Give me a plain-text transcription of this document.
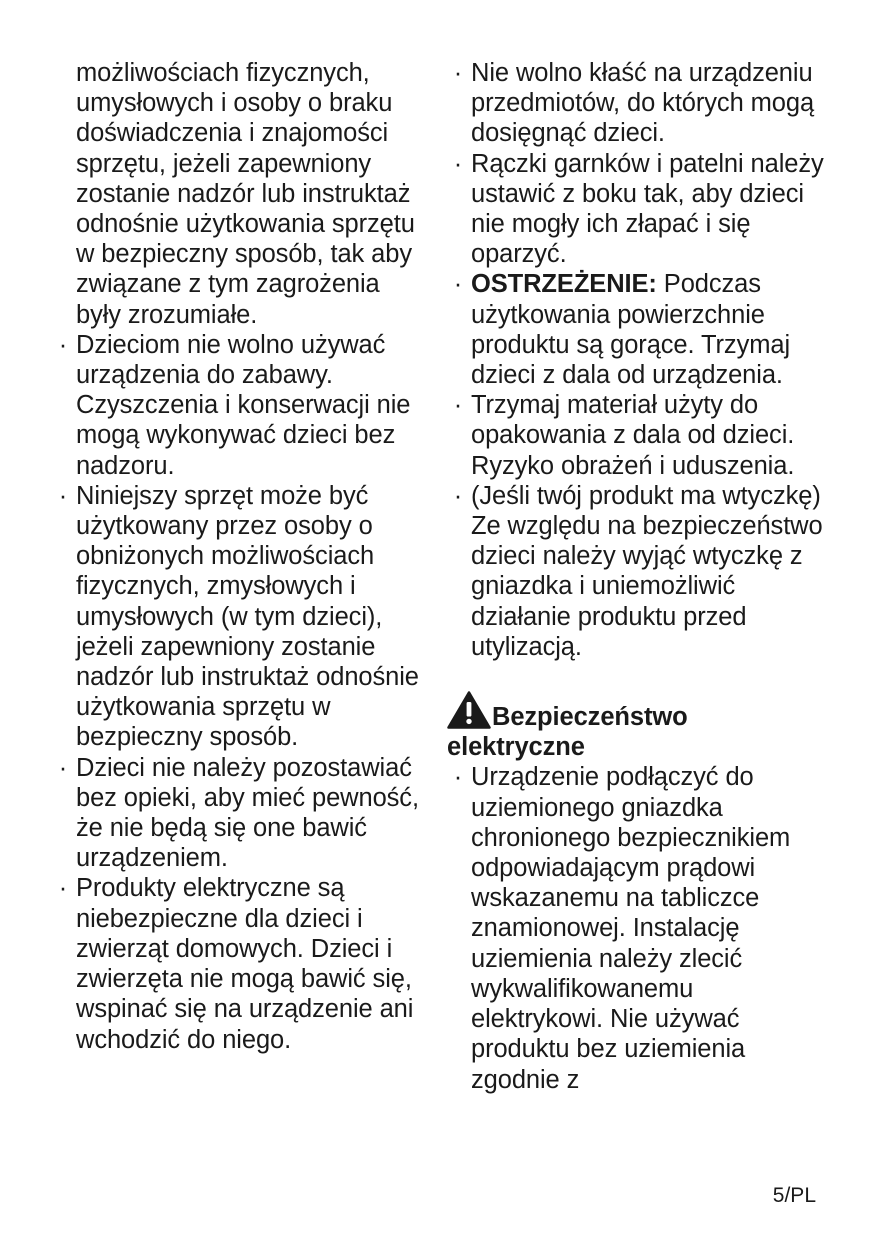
możliwościach fizycznych, umysłowych i osoby o braku doświadczenia i znajomości sprzętu, jeżeli zapewniony zostanie nadzór lub instruktaż odnośnie użytkowania sprzętu w bezpieczny sposób, tak aby związane z tym zagrożenia były zrozumiałe.

· Dzieciom nie wolno używać urządzenia do zabawy. Czyszczenia i konserwacji nie mogą wykonywać dzieci bez nadzoru.
· Niniejszy sprzęt może być użytkowany przez osoby o obniżonych możliwościach fizycznych, zmysłowych i umysłowych (w tym dzieci), jeżeli zapewniony zostanie nadzór lub instruktaż odnośnie użytkowania sprzętu w bezpieczny sposób.
· Dzieci nie należy pozostawiać bez opieki, aby mieć pewność, że nie będą się one bawić urządzeniem.
· Produkty elektryczne są niebezpieczne dla dzieci i zwierząt domowych. Dzieci i zwierzęta nie mogą bawić się, wspinać się na urządzenie ani wchodzić do niego.
· Nie wolno kłaść na urządzeniu przedmiotów, do których mogą dosięgnąć dzieci.
· Rączki garnków i patelni należy ustawić z boku tak, aby dzieci nie mogły ich złapać i się oparzyć.
· OSTRZEŻENIE: Podczas użytkowania powierzchnie produktu są gorące. Trzymaj dzieci z dala od urządzenia.
· Trzymaj materiał użyty do opakowania z dala od dzieci. Ryzyko obrażeń i uduszenia.
· (Jeśli twój produkt ma wtyczkę) Ze względu na bezpieczeństwo dzieci należy wyjąć wtyczkę z gniazdka i uniemożliwić działanie produktu przed utylizacją.
Bezpieczeństwo elektryczne
· Urządzenie podłączyć do uziemionego gniazdka chronionego bezpiecznikiem odpowiadającym prądowi wskazanemu na tabliczce znamionowej. Instalację uziemienia należy zlecić wykwalifikowanemu elektrykowi. Nie używać produktu bez uziemienia zgodnie z
5/PL
